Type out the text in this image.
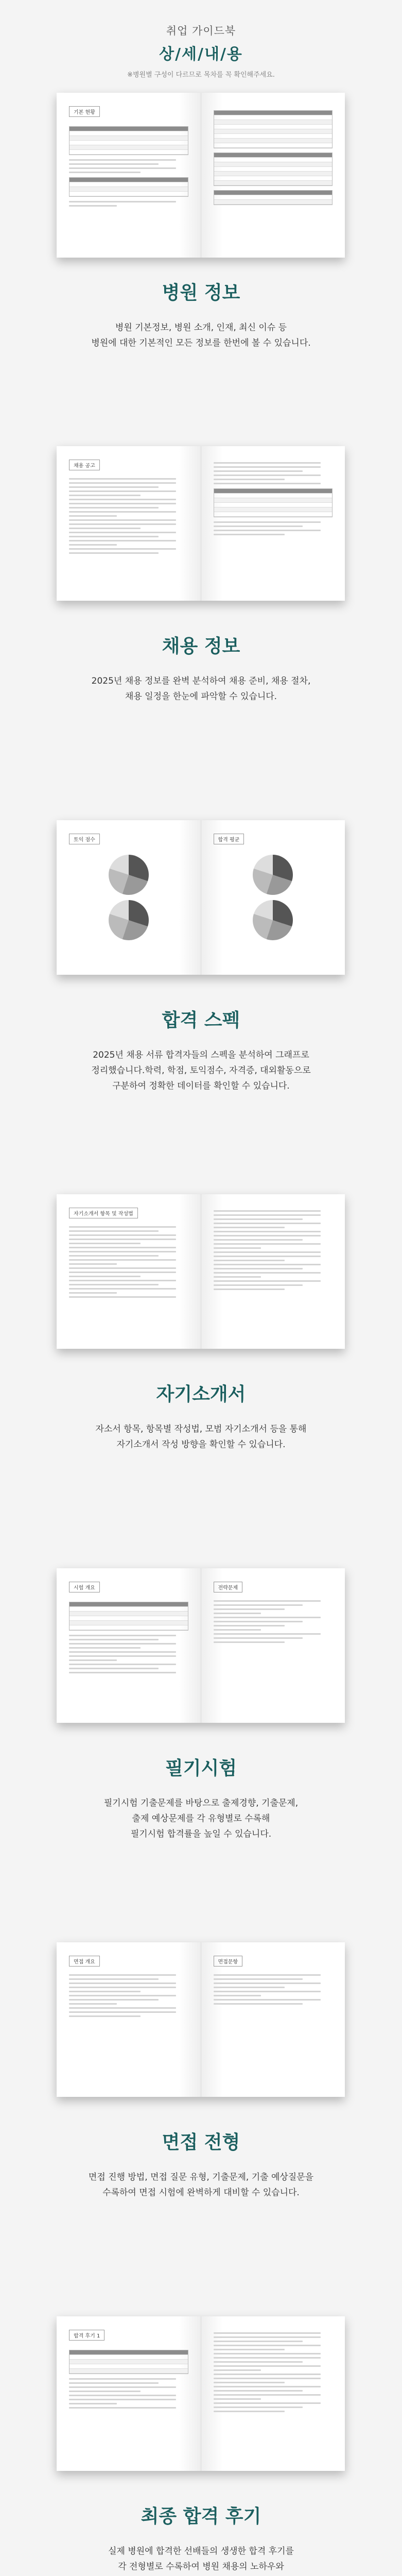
취업 가이드북
상/세/내/용
※병원별 구성이 다르므로 목차를 꼭 확인해주세요.
기본 현황
병원 정보

병원 기본정보, 병원 소개, 인재, 최신 이슈 등
병원에 대한 기본적인 모든 정보를 한번에 볼 수 있습니다.

채용 공고
채용 정보

2025년 채용 정보를 완벽 분석하여 채용 준비, 채용 절차,
채용 일정을 한눈에 파악할 수 있습니다.

토익 점수	합격 평균
합격 스펙

2025년 채용 서류 합격자들의 스펙을 분석하여 그래프로
정리했습니다.학력, 학점, 토익점수, 자격증, 대외활동으로
구분하여 정확한 데이터를 확인할 수 있습니다.

자기소개서 항목 및 작성법
자기소개서

자소서 항목, 항목별 작성법, 모범 자기소개서 등을 통해
자기소개서 작성 방향을 확인할 수 있습니다.

시험 개요	전략문제
필기시험

필기시험 기출문제를 바탕으로 출제경향, 기출문제,
출제 예상문제를 각 유형별로 수록해
필기시험 합격률을 높일 수 있습니다.

면접 개요	면접문항
면접 전형

면접 진행 방법, 면접 질문 유형, 기출문제, 기출 예상질문을
수록하여 면접 시험에 완벽하게 대비할 수 있습니다.

합격 후기 1
최종 합격 후기

실제 병원에 합격한 선배들의 생생한 합격 후기를
각 전형별로 수록하여 병원 채용의 노하우와
